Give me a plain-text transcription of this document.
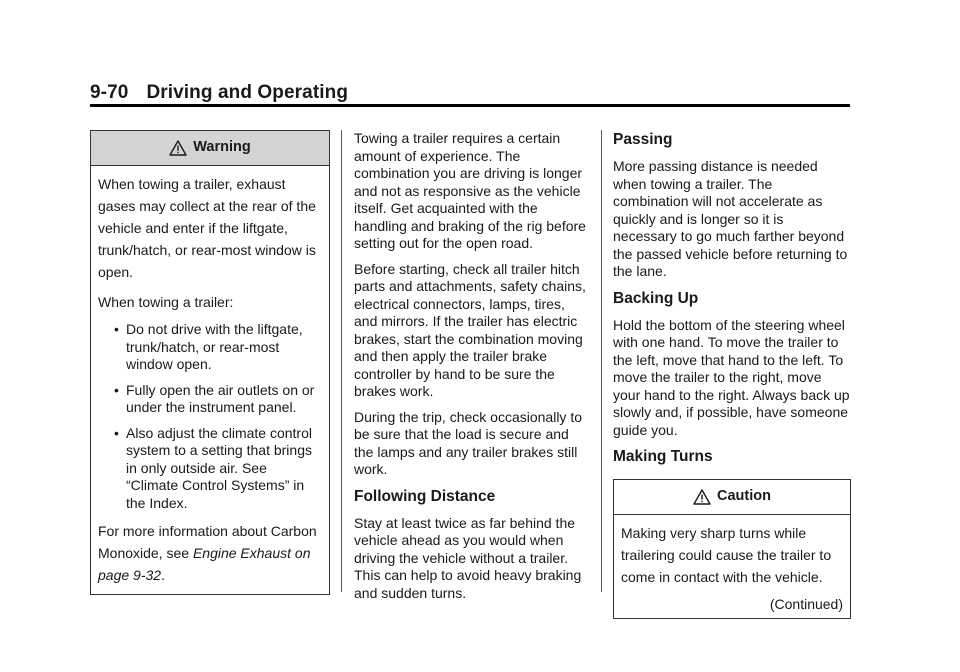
9-70 Driving and Operating
Warning

When towing a trailer, exhaust gases may collect at the rear of the vehicle and enter if the liftgate, trunk/hatch, or rear-most window is open.

When towing a trailer:

• Do not drive with the liftgate, trunk/hatch, or rear-most window open.
• Fully open the air outlets on or under the instrument panel.
• Also adjust the climate control system to a setting that brings in only outside air. See “Climate Control Systems” in the Index.

For more information about Carbon Monoxide, see Engine Exhaust on page 9-32.

Towing a trailer requires a certain amount of experience. The combination you are driving is longer and not as responsive as the vehicle itself. Get acquainted with the handling and braking of the rig before setting out for the open road.

Before starting, check all trailer hitch parts and attachments, safety chains, electrical connectors, lamps, tires, and mirrors. If the trailer has electric brakes, start the combination moving and then apply the trailer brake controller by hand to be sure the brakes work.

During the trip, check occasionally to be sure that the load is secure and the lamps and any trailer brakes still work.

Following Distance

Stay at least twice as far behind the vehicle ahead as you would when driving the vehicle without a trailer. This can help to avoid heavy braking and sudden turns.

Passing

More passing distance is needed when towing a trailer. The combination will not accelerate as quickly and is longer so it is necessary to go much farther beyond the passed vehicle before returning to the lane.

Backing Up

Hold the bottom of the steering wheel with one hand. To move the trailer to the left, move that hand to the left. To move the trailer to the right, move your hand to the right. Always back up slowly and, if possible, have someone guide you.

Making Turns
Caution

Making very sharp turns while trailering could cause the trailer to come in contact with the vehicle.

(Continued)
